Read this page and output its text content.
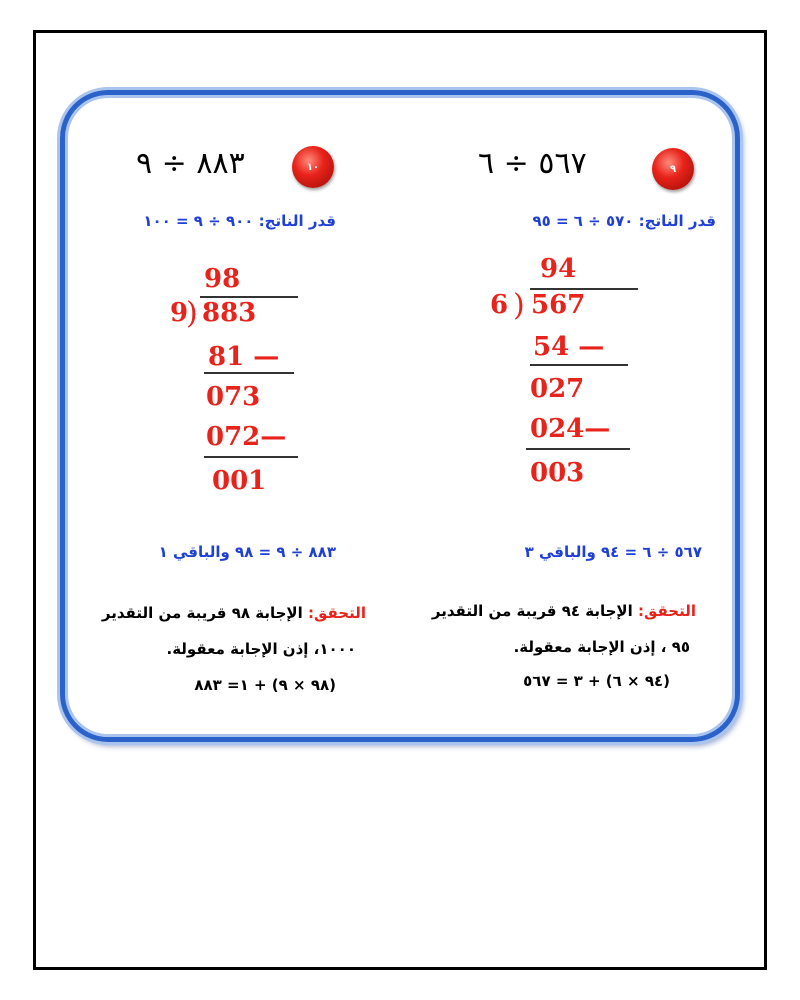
٩
٥٦٧ ÷ ٦
قدر الناتج: ٥٧٠ ÷ ٦ = ٩٥
94
6 ) 567
54 —
027
024—
003
٥٦٧ ÷ ٦ = ٩٤ والباقي ٣
التحقق: الإجابة ٩٤ قريبة من التقدير
٩٥ ، إذن الإجابة معقولة.
(٩٤ × ٦) + ٣ = ٥٦٧
١٠
٨٨٣ ÷ ٩
قدر الناتج: ٩٠٠ ÷ ٩ = ١٠٠
98
9
) 883
81 —
073
072—
001
٨٨٣ ÷ ٩ = ٩٨ والباقي ١
التحقق: الإجابة ٩٨ قريبة من التقدير
١٠٠٠، إذن الإجابة معقولة.
(٩٨ × ٩) + ١= ٨٨٣
